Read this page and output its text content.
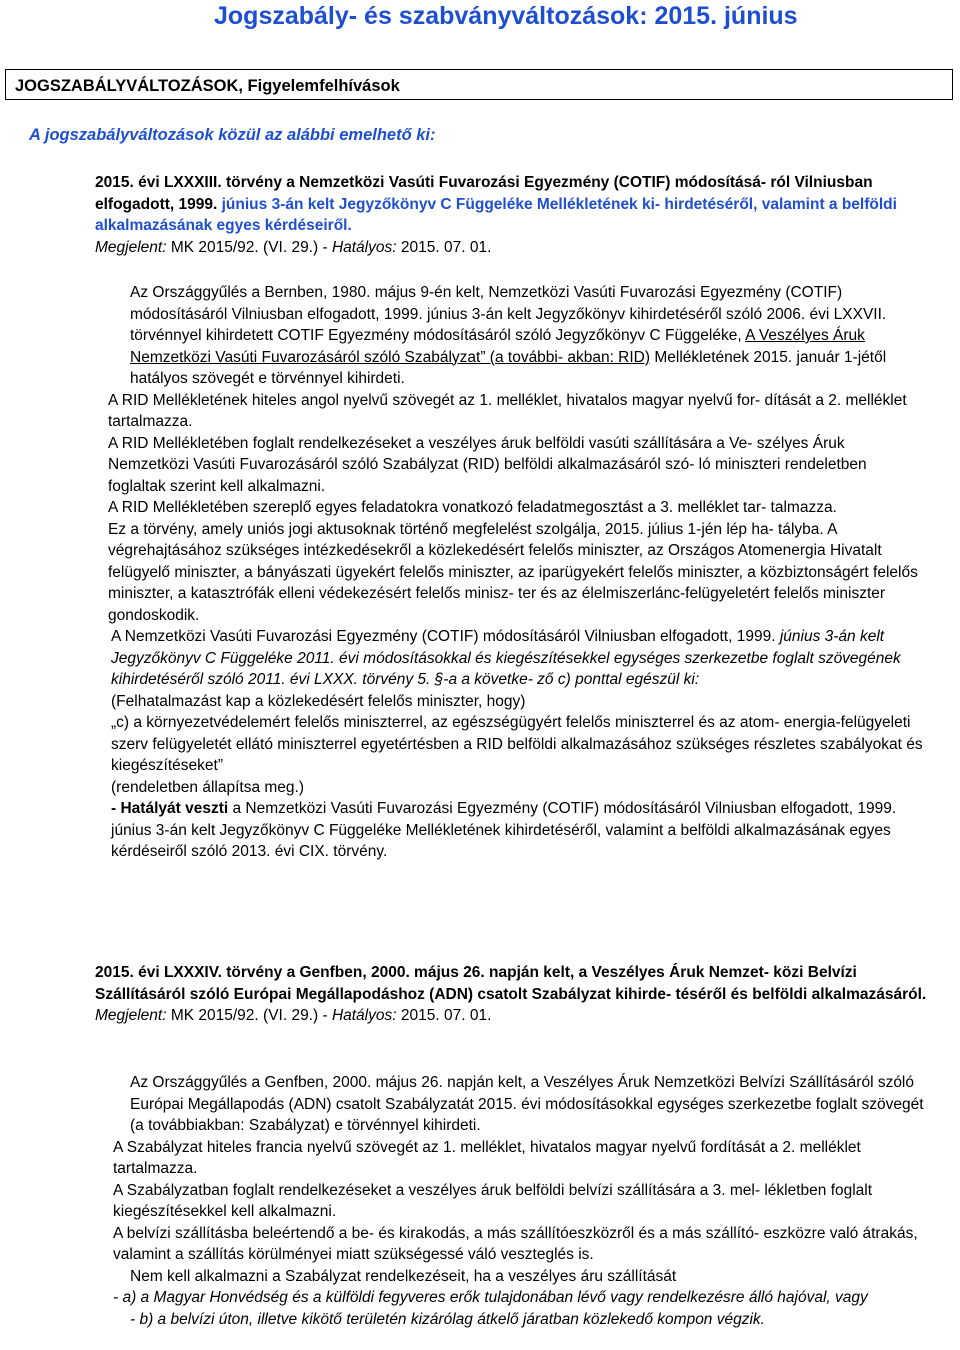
Jogszabály- és szabványváltozások: 2015. június
JOGSZABÁLYVÁLTOZÁSOK, Figyelemfelhívások

A jogszabályváltozások közül az alábbi emelhető ki:

2015. évi LXXXIII. törvény a Nemzetközi Vasúti Fuvarozási Egyezmény (COTIF) módosításá- ról Vilniusban elfogadott, 1999. június 3-án kelt Jegyzőkönyv C Függeléke Mellékletének ki- hirdetéséről, valamint a belföldi alkalmazásának egyes kérdéseiről.

Megjelent: MK 2015/92. (VI. 29.) - Hatályos: 2015. 07. 01.

Az Országgyűlés a Bernben, 1980. május 9-én kelt, Nemzetközi Vasúti Fuvarozási Egyezmény (COTIF) módosításáról Vilniusban elfogadott, 1999. június 3-án kelt Jegyzőkönyv kihirdetéséről szóló 2006. évi LXXVII. törvénnyel kihirdetett COTIF Egyezmény módosításáról szóló Jegyzőkönyv C Függeléke, A Veszélyes Áruk Nemzetközi Vasúti Fuvarozásáról szóló Szabályzat” (a további- akban: RID) Mellékletének 2015. január 1-jétől hatályos szövegét e törvénnyel kihirdeti.

A RID Mellékletének hiteles angol nyelvű szövegét az 1. melléklet, hivatalos magyar nyelvű for- dítását a 2. melléklet tartalmazza.

A RID Mellékletében foglalt rendelkezéseket a veszélyes áruk belföldi vasúti szállítására a Ve- szélyes Áruk Nemzetközi Vasúti Fuvarozásáról szóló Szabályzat (RID) belföldi alkalmazásáról szó- ló miniszteri rendeletben foglaltak szerint kell alkalmazni.

A RID Mellékletében szereplő egyes feladatokra vonatkozó feladatmegosztást a 3. melléklet tar- talmazza.

Ez a törvény, amely uniós jogi aktusoknak történő megfelelést szolgálja, 2015. július 1-jén lép ha- tályba. A végrehajtásához szükséges intézkedésekről a közlekedésért felelős miniszter, az Országos Atomenergia Hivatalt felügyelő miniszter, a bányászati ügyekért felelős miniszter, az iparügyekért felelős miniszter, a közbiztonságért felelős miniszter, a katasztrófák elleni védekezésért felelős minisz- ter és az élelmiszerlánc-felügyeletért felelős miniszter gondoskodik.

A Nemzetközi Vasúti Fuvarozási Egyezmény (COTIF) módosításáról Vilniusban elfogadott, 1999. június 3-án kelt Jegyzőkönyv C Függeléke 2011. évi módosításokkal és kiegészítésekkel egységes szerkezetbe foglalt szövegének kihirdetéséről szóló 2011. évi LXXX. törvény 5. §-a a követke- ző c) ponttal egészül ki:

(Felhatalmazást kap a közlekedésért felelős miniszter, hogy)

„c) a környezetvédelemért felelős miniszterrel, az egészségügyért felelős miniszterrel és az atom- energia-felügyeleti szerv felügyeletét ellátó miniszterrel egyetértésben a RID belföldi alkalmazásához szükséges részletes szabályokat és kiegészítéseket”

(rendeletben állapítsa meg.)

- Hatályát veszti a Nemzetközi Vasúti Fuvarozási Egyezmény (COTIF) módosításáról Vilniusban elfogadott, 1999. június 3-án kelt Jegyzőkönyv C Függeléke Mellékletének kihirdetéséről, valamint a belföldi alkalmazásának egyes kérdéseiről szóló 2013. évi CIX. törvény.

2015. évi LXXXIV. törvény a Genfben, 2000. május 26. napján kelt, a Veszélyes Áruk Nemzet- közi Belvízi Szállításáról szóló Európai Megállapodáshoz (ADN) csatolt Szabályzat kihirde- téséről és belföldi alkalmazásáról.

Megjelent: MK 2015/92. (VI. 29.) - Hatályos: 2015. 07. 01.

Az Országgyűlés a Genfben, 2000. május 26. napján kelt, a Veszélyes Áruk Nemzetközi Belvízi Szállításáról szóló Európai Megállapodás (ADN) csatolt Szabályzatát 2015. évi módosításokkal egységes szerkezetbe foglalt szövegét (a továbbiakban: Szabályzat) e törvénnyel kihirdeti.

A Szabályzat hiteles francia nyelvű szövegét az 1. melléklet, hivatalos magyar nyelvű fordítását a 2. melléklet tartalmazza.

A Szabályzatban foglalt rendelkezéseket a veszélyes áruk belföldi belvízi szállítására a 3. mel- lékletben foglalt kiegészítésekkel kell alkalmazni.

A belvízi szállításba beleértendő a be- és kirakodás, a más szállítóeszközről és a más szállító- eszközre való átrakás, valamint a szállítás körülményei miatt szükségessé váló veszteglés is.

Nem kell alkalmazni a Szabályzat rendelkezéseit, ha a veszélyes áru szállítását

- a) a Magyar Honvédség és a külföldi fegyveres erők tulajdonában lévő vagy rendelkezésre álló hajóval, vagy

- b) a belvízi úton, illetve kikötő területén kizárólag átkelő járatban közlekedő kompon végzik.
